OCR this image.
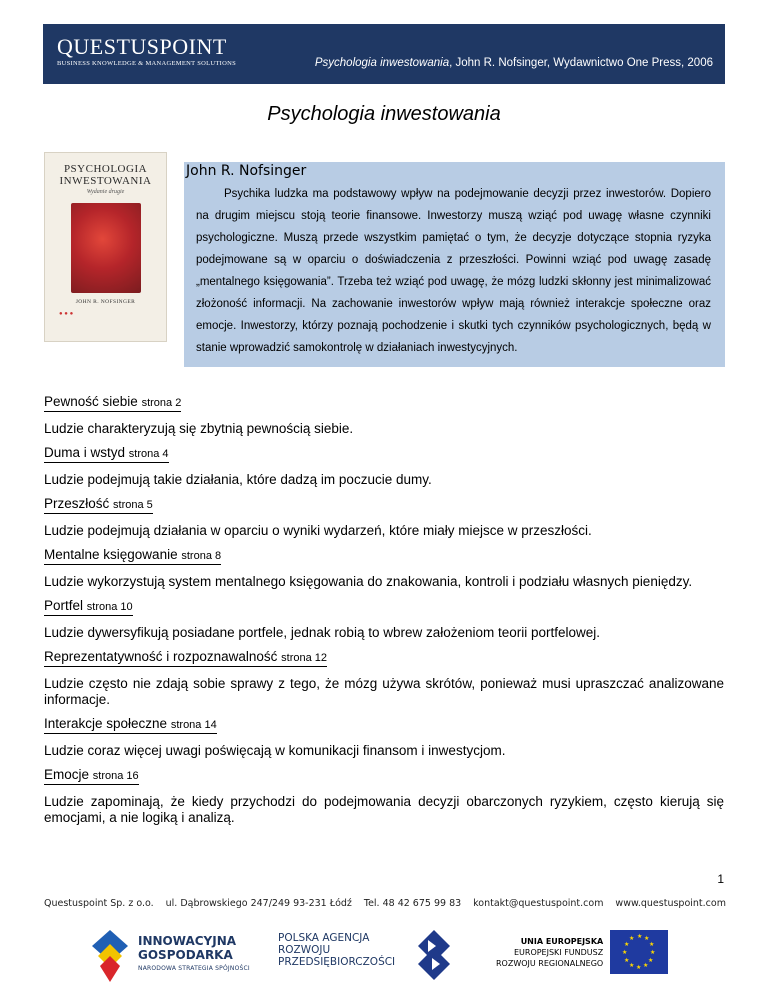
QUESTUSPOINT
BUSINESS KNOWLEDGE & MANAGEMENT SOLUTIONS	Psychologia inwestowania, John R. Nofsinger, Wydawnictwo One Press, 2006
Psychologia inwestowania
PSYCHOLOGIA
INWESTOWANIA
Wydanie drugie
JOHN R. NOFSINGER
● ● ●
John R. Nofsinger
Psychika ludzka ma podstawowy wpływ na podejmowanie decyzji przez inwestorów. Dopiero na drugim miejscu stoją teorie finansowe. Inwestorzy muszą wziąć pod uwagę własne czynniki psychologiczne. Muszą przede wszystkim pamiętać o tym, że decyzje dotyczące stopnia ryzyka podejmowane są w oparciu o doświadczenia z przeszłości. Powinni wziąć pod uwagę zasadę „mentalnego księgowania”. Trzeba też wziąć pod uwagę, że mózg ludzki skłonny jest minimalizować złożoność informacji. Na zachowanie inwestorów wpływ mają również interakcje społeczne oraz emocje. Inwestorzy, którzy poznają pochodzenie i skutki tych czynników psychologicznych, będą w stanie wprowadzić samokontrolę w działaniach inwestycyjnych.
Pewność siebie strona 2
Ludzie charakteryzują się zbytnią pewnością siebie.
Duma i wstyd strona 4
Ludzie podejmują takie działania, które dadzą im poczucie dumy.
Przeszłość strona 5
Ludzie podejmują działania w oparciu o wyniki wydarzeń, które miały miejsce w przeszłości.
Mentalne księgowanie strona 8
Ludzie wykorzystują system mentalnego księgowania do znakowania, kontroli i podziału własnych pieniędzy.
Portfel strona 10
Ludzie dywersyfikują posiadane portfele, jednak robią to wbrew założeniom teorii portfelowej.
Reprezentatywność i rozpoznawalność strona 12
Ludzie często nie zdają sobie sprawy z tego, że mózg używa skrótów, ponieważ musi upraszczać analizowane informacje.
Interakcje społeczne strona 14
Ludzie coraz więcej uwagi poświęcają w komunikacji finansom i inwestycjom.
Emocje strona 16
Ludzie zapominają, że kiedy przychodzi do podejmowania decyzji obarczonych ryzykiem, często kierują się emocjami, a nie logiką i analizą.
1
Questuspoint Sp. z o.o. ul. Dąbrowskiego 247/249 93-231 Łódź Tel. 48 42 675 99 83 kontakt@questuspoint.com www.questuspoint.com
INNOWACYJNA
GOSPODARKA
NARODOWA STRATEGIA SPÓJNOŚCI
POLSKA AGENCJA
ROZWOJU
PRZEDSIĘBIORCZOŚCI
UNIA EUROPEJSKA
EUROPEJSKI FUNDUSZ
ROZWOJU REGIONALNEGO
★ ★
★
★
★
★
★
★
★
★
★
★
